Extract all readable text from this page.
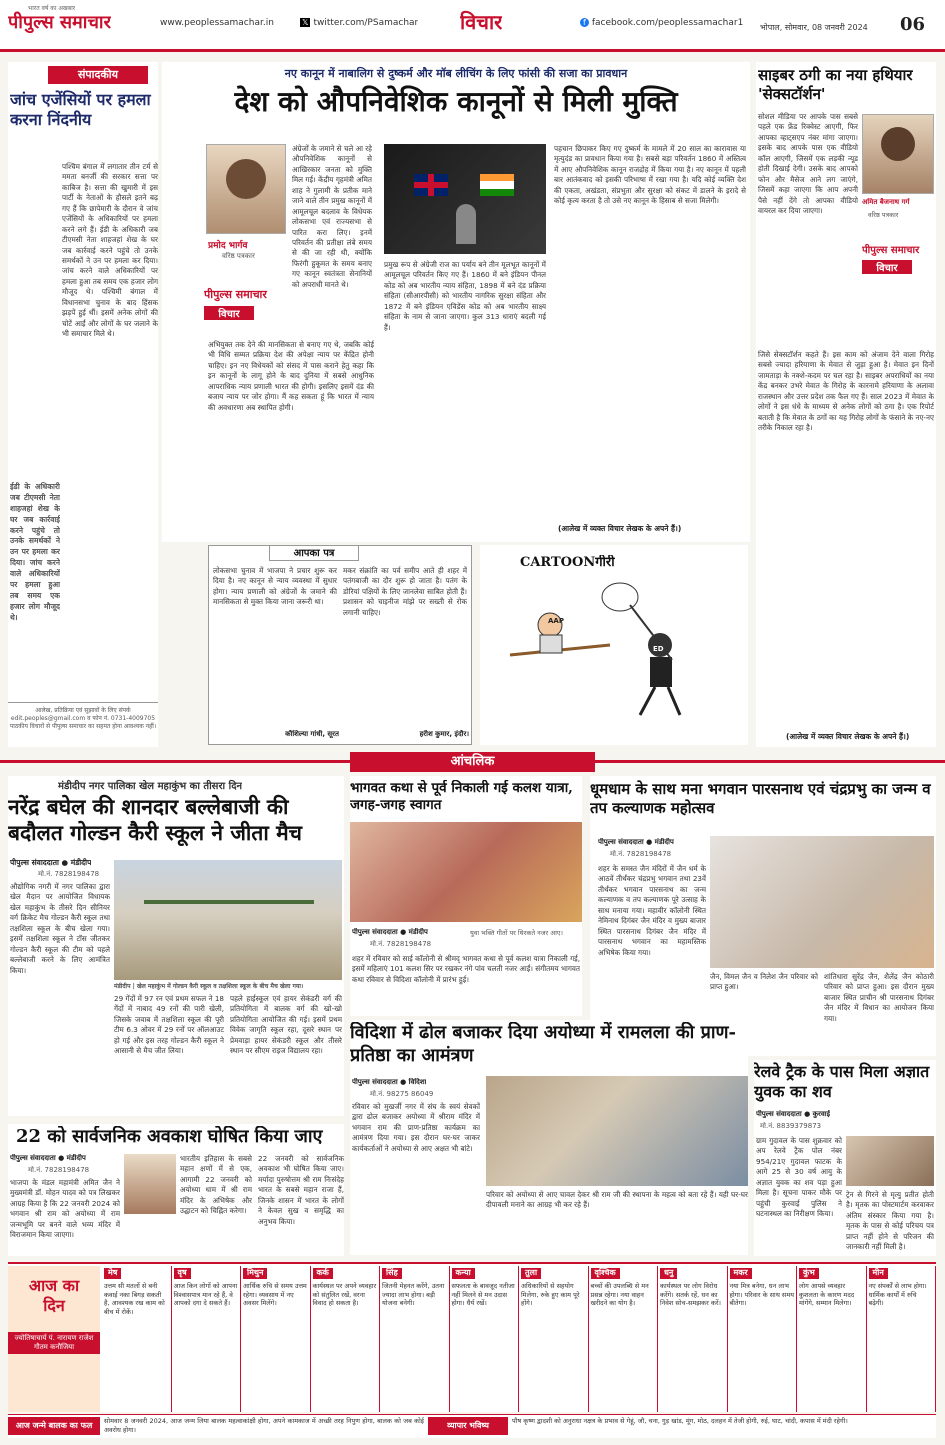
भारत वर्ष का अखबार
पीपुल्स समाचार	www.peoplessamachar.in	𝕏 twitter.com/PSamachar विचार	f facebook.com/peoplessamachar1 भोपाल, सोमवार, 08 जनवरी 2024 06
संपादकीय
जांच एजेंसियों पर हमला करना निंदनीय
पश्चिम बंगाल में लगातार तीन टर्म से ममता बनर्जी की सरकार सत्ता पर काबिज है। सत्ता की खुमारी में इस पार्टी के नेताओं के हौसले इतने बढ़ गए हैं कि छापेमारी के दौरान वे जांच एजेंसियों के अधिकारियों पर हमला करने लगे हैं। ईडी के अधिकारी जब टीएमसी नेता शाहजहां शेख के घर जब कार्रवाई करने पहुंचे तो उनके समर्थकों ने उन पर हमला कर दिया। जांच करने वाले अधिकारियों पर हमला हुआ तब समय एक हजार लोग मौजूद थे। पश्चिमी बंगाल में विधानसभा चुनाव के बाद हिंसक झड़पें हुई थीं। इसमें अनेक लोगों की चोटें आईं और लोगों के घर जलाने के भी समाचार मिले थे।
ईडी के अधिकारी जब टीएमसी नेता शाहजहां शेख के घर जब कार्रवाई करने पहुंचे तो उनके समर्थकों ने उन पर हमला कर दिया। जांच करने वाले अधिकारियों पर हमला हुआ तब समय एक हजार लोग मौजूद थे।
आलेख, प्रतिक्रिया एवं सुझावों के लिए संपर्क
edit.peoples@gmail.com व फोन नं. 0731-4009705
पाठकीय विचारों से पीपुल्स समाचार का सहमत होना आवश्यक नहीं।
नए कानून में नाबालिग से दुष्कर्म और मॉब लीचिंग के लिए फांसी की सजा का प्रावधान
देश को औपनिवेशिक कानूनों से मिली मुक्ति
प्रमोद भार्गव
वरिष्ठ पत्रकार
पीपुल्स समाचार
विचार
अंग्रेजों के जमाने से चले आ रहे औपनिवेशिक कानूनों से आखिरकार जनता को मुक्ति मिल गई। केंद्रीय गृहमंत्री अमित शाह ने गुलामी के प्रतीक माने जाने वाले तीन प्रमुख कानूनों में आमूलचूल बदलाव के विधेयक लोकसभा एवं राज्यसभा से पारित करा लिए। इनमें परिवर्तन की प्रतीक्षा लंबे समय से की जा रही थी, क्योंकि फिरंगी हुकूमत के समय बनाए गए कानून स्वतंत्रता सेनानियों को अपराधी मानते थे।
अभियुक्त तक देने की मानसिकता से बनाए गए थे, जबकि कोई भी विधि सम्मत प्रक्रिया देश की अपेक्षा न्याय पर केंद्रित होनी चाहिए। इन नए विधेयकों को संसद में पास कराने हेतु कहा कि इन कानूनों के लागू होने के बाद दुनिया में सबसे आधुनिक आपराधिक न्याय प्रणाली भारत की होगी। इसलिए इसमें दंड की बजाय न्याय पर जोर होगा। मैं कह सकता हूं कि भारत में न्याय की अवधारणा अब स्थापित होगी।
प्रमुख रूप से अंग्रेजी राज का पर्याय बने तीन मूलभूत कानूनों में आमूलचूल परिवर्तन किए गए हैं। 1860 में बने इंडियन पीनल कोड को अब भारतीय न्याय संहिता, 1898 में बने दंड प्रक्रिया संहिता (सीआरपीसी) को भारतीय नागरिक सुरक्षा संहिता और 1872 में बने इंडियन एविडेंस कोड को अब भारतीय साक्ष्य संहिता के नाम से जाना जाएगा। कुल 313 धाराएं बदली गई हैं।
पहचान छिपाकर किए गए दुष्कर्म के मामले में 20 साल का कारावास या मृत्युदंड का प्रावधान किया गया है। सबसे बड़ा परिवर्तन 1860 में अस्तित्व में आए औपनिवेशिक कानून राजद्रोह में किया गया है। नए कानून में पहली बार आतंकवाद को इसकी परिभाषा में रखा गया है। यदि कोई व्यक्ति देश की एकता, अखंडता, संप्रभुता और सुरक्षा को संकट में डालने के इरादे से कोई कृत्य करता है तो उसे नए कानून के हिसाब से सजा मिलेगी।
(आलेख में व्यक्त विचार लेखक के अपने हैं।)
आपका पत्र
लोकसभा चुनाव में भाजपा ने प्रचार शुरू कर दिया है। नए कानून से न्याय व्यवस्था में सुधार होगा। न्याय प्रणाली को अंग्रेजों के जमाने की मानसिकता से मुक्त किया जाना जरूरी था।
कौशिल्या गांधी, सूरत
मकर संक्रांति का पर्व समीप आते ही शहर में पतंगबाजी का दौर शुरू हो जाता है। पतंग के डोरियां पक्षियों के लिए जानलेवा साबित होती हैं। प्रशासन को चाइनीज मांझे पर सख्ती से रोक लगानी चाहिए।
हरीश कुमार, इंदौर।
CARTOONगीरी
AAP
ED
साइबर ठगी का नया हथियार 'सेक्सटॉर्शन'
सोशल मीडिया पर आपके पास सबसे पहले एक फ्रेंड रिक्वेस्ट आएगी, फिर आपका व्हाट्सएप नंबर मांगा जाएगा। इसके बाद आपके पास एक वीडियो कॉल आएगी, जिसमें एक लड़की न्यूड होती दिखाई देगी। उसके बाद आपको फोन और मैसेज आने लग जाएंगे, जिसमें कहा जाएगा कि आप अपनी पैसे नहीं देंगे तो आपका वीडियो वायरल कर दिया जाएगा।
अमित बैजनाथ गर्ग
वरिष्ठ पत्रकार
पीपुल्स समाचार
विचार
जिसे सेक्सटॉर्शन कहते हैं। इस काम को अंजाम देने वाला गिरोह सबसे ज्यादा हरियाणा के मेवात से जुड़ा हुआ है। मेवात इन दिनों जामताड़ा के नक्शे-कदम पर चल रहा है। साइबर अपराधियों का नया केंद्र बनकर उभरे मेवात के गिरोह के कारनामे हरियाणा के अलावा राजस्थान और उत्तर प्रदेश तक फैल गए हैं। साल 2023 में मेवात के लोगों ने इस धंधे के माध्यम से अनेक लोगों को ठगा है। एक रिपोर्ट बताती है कि मेवात के ठगों का यह गिरोह लोगों के फंसाने के नए-नए तरीके निकाल रहा है।
(आलेख में व्यक्त विचार लेखक के अपने हैं।)
आंचलिक
मंडीदीप नगर पालिका खेल महाकुंभ का तीसरा दिन
नरेंद्र बघेल की शानदार बल्लेबाजी की बदौलत गोल्डन कैरी स्कूल ने जीता मैच
पीपुल्स संवाददाता ● मंडीदीप
मो.नं. 7828198478
औद्योगिक नगरी में नगर पालिका द्वारा खेल मैदान पर आयोजित विधायक खेल महाकुंभ के तीसरे दिन सीनियर वर्ग क्रिकेट मैच गोल्डन कैरी स्कूल तथा तक्षशिला स्कूल के बीच खेला गया। इसमें तक्षशिला स्कूल ने टॉस जीतकर गोल्डन कैरी स्कूल की टीम को पहले बल्लेबाजी करने के लिए आमंत्रित किया।
मंडीदीप | खेल महाकुंभ में गोल्डन कैरी स्कूल व तक्षशिला स्कूल के बीच मैच खेला गया।
29 गेंदों में 97 रन एवं प्रथम सफल ने 18 गेंदों में नाबाद 49 रनों की पारी खेली, जिसके जवाब में तक्षशिला स्कूल की पूरी टीम 6.3 ओवर में 29 रनों पर ऑलआउट हो गई और इस तरह गोल्डन कैरी स्कूल ने आसानी से मैच जीत लिया।
पहले हाईस्कूल एवं हायर सेकंडरी वर्ग की प्रतियोगिता में बालक वर्ग की खो-खो प्रतियोगिता आयोजित की गई। इसमें प्रथम विवेक जागृति स्कूल रहा, दूसरे स्थान पर प्रेमवाड़ा हायर सेकंडरी स्कूल और तीसरे स्थान पर सीएम राइज विद्यालय रहा।
भागवत कथा से पूर्व निकाली गई कलश यात्रा, जगह-जगह स्वागत
पीपुल्स संवाददाता ● मंडीदीप
मो.नं. 7828198478
युवा भक्ति गीतों पर थिरकते नजर आए।
शहर में रविवार को साई कॉलोनी से श्रीमद् भागवत कथा से पूर्व कलश यात्रा निकाली गई, इसमें महिलाएं 101 कलश सिर पर रखकर नंगे पांव चलती नजर आईं। संगीतमय भागवत कथा रविवार से विदिशा कॉलोनी में प्रारंभ हुई।
धूमधाम के साथ मना भगवान पारसनाथ एवं चंद्रप्रभु का जन्म व तप कल्याणक महोत्सव
पीपुल्स संवाददाता ● मंडीदीप
मो.नं. 7828198478
शहर के समस्त जैन मंदिरों में जैन धर्म के आठवें तीर्थंकर चंद्रप्रभु भगवान तथा 23वें तीर्थंकर भगवान पारसनाथ का जन्म कल्याणक व तप कल्याणक पूरे उत्साह के साथ मनाया गया। महावीर कॉलोनी स्थित नेमिनाथ दिगंबर जैन मंदिर व मुख्य बाजार स्थित पारसनाथ दिगंबर जैन मंदिर में पारसनाथ भगवान का महामस्तिक अभिषेक किया गया।
जैन, विमल जैन व निलेश जैन परिवार को प्राप्त हुआ।
शांतिधारा सुरेंद्र जैन, शैलेंद्र जैन कोठारी परिवार को प्राप्त हुआ। इस दौरान मुख्य बाजार स्थित प्राचीन श्री पारसनाथ दिगंबर जैन मंदिर में विधान का आयोजन किया गया।
विदिशा में ढोल बजाकर दिया अयोध्या में रामलला की प्राण-प्रतिष्ठा का आमंत्रण
पीपुल्स संवाददाता ● विदिशा
मो.नं. 98275 86049
रविवार को मुखर्जी नगर में संघ के स्वयं सेवकों द्वारा ढोल बजाकर अयोध्या में श्रीराम मंदिर में भगवान राम की प्राण-प्रतिष्ठा कार्यक्रम का आमंत्रण दिया गया। इस दौरान घर-घर जाकर कार्यकर्ताओं ने अयोध्या से आए अक्षत भी बांटे।
परिवार को अयोध्या से आए चावल देकर श्री राम जी की स्थापना के महत्व को बता रहे हैं। यही घर-घर दीपावली मनाने का आग्रह भी कर रहे हैं।
22 को सार्वजनिक अवकाश घोषित किया जाए
पीपुल्स संवाददाता ● मंडीदीप
मो.नं. 7828198478
भाजपा के मंडल महामंत्री अमित जैन ने मुख्यमंत्री डॉ. मोहन यादव को पत्र लिखकर आग्रह किया है कि 22 जनवरी 2024 को भगवान श्री राम को अयोध्या में राम जन्मभूमि पर बनने वाले भव्य मंदिर में विराजमान किया जाएगा।
भारतीय इतिहास के सबसे महान क्षणों में से एक, आगामी 22 जनवरी को अयोध्या धाम में श्री राम मंदिर के अभिषेक और उद्घाटन को चिह्नित करेगा।
22 जनवरी को सार्वजनिक अवकाश भी घोषित किया जाए। मर्यादा पुरुषोत्तम श्री राम निःसंदेह भारत के सबसे महान राजा हैं, जिनके शासन में भारत के लोगों ने केवल सुख व समृद्धि का अनुभव किया।
रेलवे ट्रैक के पास मिला अज्ञात युवक का शव
पीपुल्स संवाददाता ● कुरवाई
मो.नं. 8839379873
ग्राम गुदावल के पास शुक्रवार को अप रेलवे ट्रैक पोल नंबर 954/21ए गुदावल फाटक के आगे 25 से 30 वर्ष आयु के अज्ञात युवक का शव पड़ा हुआ मिला है। सूचना पाकर मौके पर पहुंची कुरवाई पुलिस ने घटनास्थल का निरीक्षण किया।
ट्रेन से गिरने से मृत्यु प्रतीत होती है। मृतक का पोस्टमार्टम करवाकर अंतिम संस्कार किया गया है। मृतक के पास से कोई परिचय पत्र प्राप्त नहीं होने से परिजन की जानकारी नहीं मिली है।
आज का दिन
ज्योतिषाचार्य पं. नारायण राजेश गौतम कनौजिया
मेष
उत्तम सी मतलों से बनी कवाई नका बिगड़ सकती है, आवश्यक रख काम को बीच में रोकें।
वृष
आज किन लोगों को आपना विश्वासपात्र मान रहे हैं, वे आपको दगा दे सकते हैं।
मिथुन
आर्थिक रुचि से समय उत्तम रहेगा। व्यवसाय में नए अवसर मिलेंगे।
कर्क
कार्यस्थल पर अपने व्यवहार को संतुलित रखें, वरना विवाद हो सकता है।
सिंह
जितनी मेहनत करेंगे, उतना ज्यादा लाभ होगा। बड़ी योजना बनेगी।
कन्या
सफलता के बावजूद नतीजा नहीं मिलने से मन उदास होगा। धैर्य रखें।
तुला
अधिकारियों से सहयोग मिलेगा, रुके हुए काम पूरे होंगे।
वृश्चिक
बच्चों की उपलब्धि से मन प्रसन्न रहेगा। नया वाहन खरीदने का योग है।
धनु
कार्यस्थल पर लोग विरोध करेंगे। सतर्क रहें, धन का निवेश सोच-समझकर करें।
मकर
नया मित्र बनेगा, धन लाभ होगा। परिवार के साथ समय बीतेगा।
कुंभ
लोग आपसे व्यवहार कुशलता के कारण मदद मांगेंगे, सम्मान मिलेगा।
मीन
नए संपर्कों से लाभ होगा। धार्मिक कार्यों में रुचि बढ़ेगी।
आज जन्मे बालक का फल	सोमवार 8 जनवरी 2024, आज जन्म लिया बालक महत्वाकांक्षी होगा, अपने कामकाज में अच्छी तरह निपुण होगा, बालक को जब कोई अवरोध होगा।
व्यापार भविष्य	पौष कृष्ण द्वादशी को अनुराधा नक्षत्र के प्रभाव से गेहूं, जौ, चना, गुड़ खांड, मूंग, मोठ, दलहन में तेजी होगी, रुई, घाट, चांदी, कपास में मंदी रहेगी।
